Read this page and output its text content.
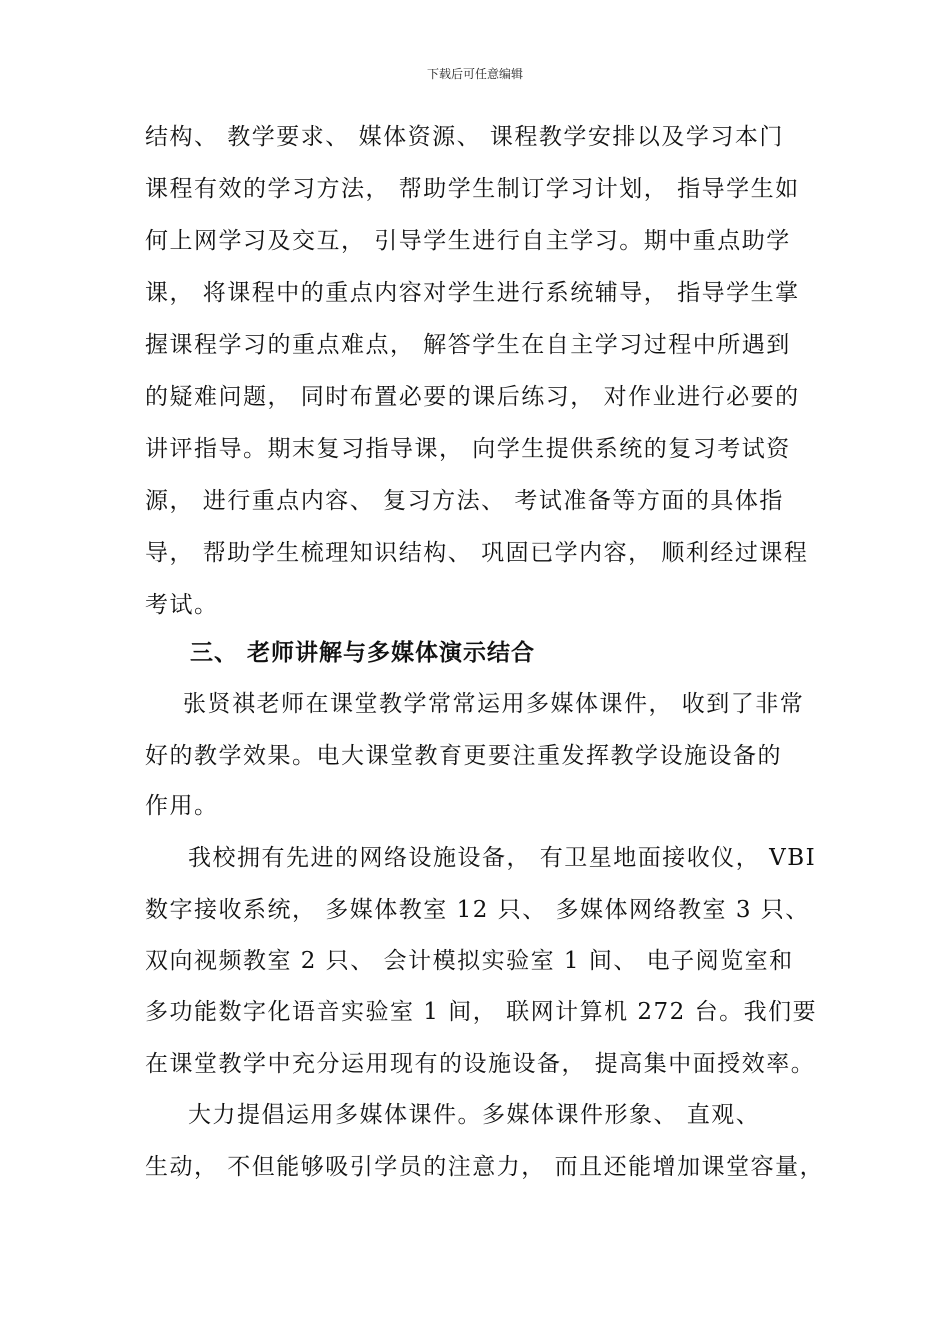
下载后可任意编辑
结构、 教学要求、 媒体资源、 课程教学安排以及学习本门
课程有效的学习方法， 帮助学生制订学习计划， 指导学生如
何上网学习及交互， 引导学生进行自主学习。期中重点助学
课， 将课程中的重点内容对学生进行系统辅导， 指导学生掌
握课程学习的重点难点， 解答学生在自主学习过程中所遇到
的疑难问题， 同时布置必要的课后练习， 对作业进行必要的
讲评指导。期末复习指导课， 向学生提供系统的复习考试资
源， 进行重点内容、 复习方法、 考试准备等方面的具体指
导， 帮助学生梳理知识结构、 巩固已学内容， 顺利经过课程
考试。
三、 老师讲解与多媒体演示结合
张贤祺老师在课堂教学常常运用多媒体课件， 收到了非常
好的教学效果。电大课堂教育更要注重发挥教学设施设备的
作用。
我校拥有先进的网络设施设备， 有卫星地面接收仪， VBI
数字接收系统， 多媒体教室 12 只、 多媒体网络教室 3 只、
双向视频教室 2 只、 会计模拟实验室 1 间、 电子阅览室和
多功能数字化语音实验室 1 间， 联网计算机 272 台。我们要
在课堂教学中充分运用现有的设施设备， 提高集中面授效率。
大力提倡运用多媒体课件。多媒体课件形象、 直观、
生动， 不但能够吸引学员的注意力， 而且还能增加课堂容量，
